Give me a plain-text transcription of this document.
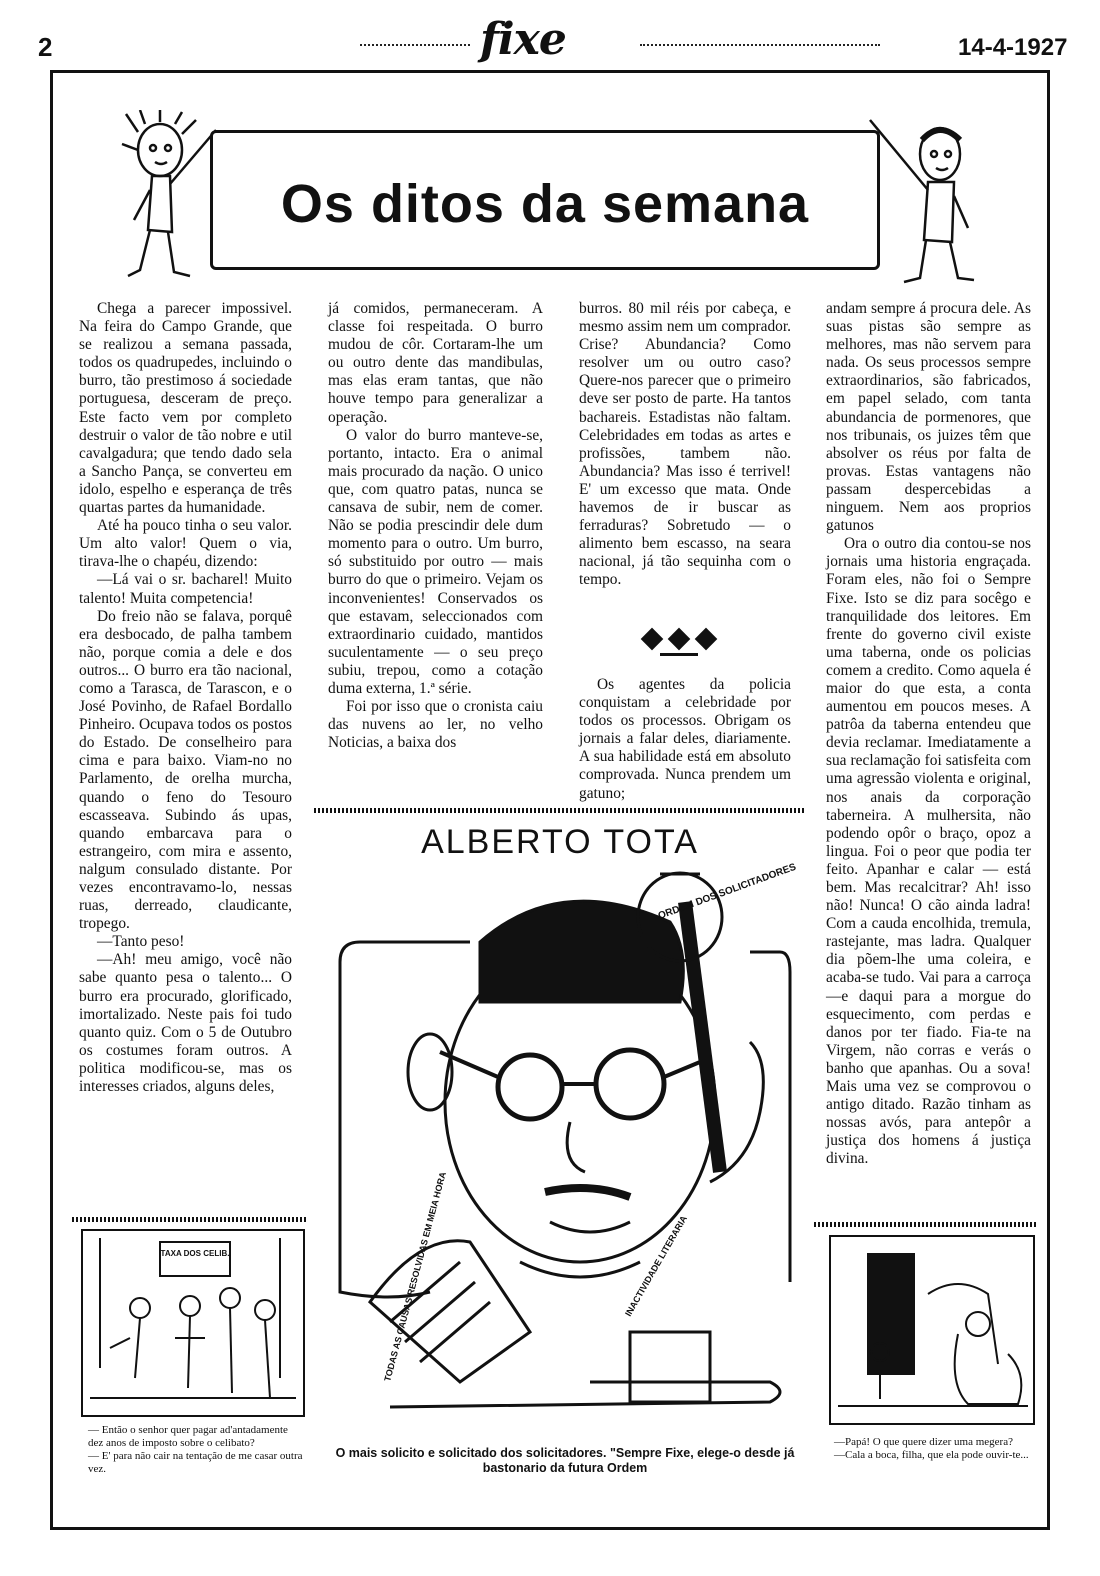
2	fixe	14-4-1927
Os ditos da semana

Chega a parecer impossivel. Na feira do Campo Grande, que se realizou a semana passada, todos os quadrupedes, incluindo o burro, tão prestimoso á sociedade portuguesa, desceram de preço. Este facto vem por completo destruir o valor de tão nobre e util cavalgadura; que tendo dado sela a Sancho Pança, se converteu em idolo, espelho e esperança de três quartas partes da humanidade.

Até ha pouco tinha o seu valor. Um alto valor! Quem o via, tirava-lhe o chapéu, dizendo:

—Lá vai o sr. bacharel! Muito talento! Muita competencia!

Do freio não se falava, porquê era desbocado, de palha tambem não, porque comia a dele e dos outros... O burro era tão nacional, como a Tarasca, de Tarascon, e o José Povinho, de Rafael Bordallo Pinheiro. Ocupava todos os postos do Estado. De conselheiro para cima e para baixo. Viam-no no Parlamento, de orelha murcha, quando o feno do Tesouro escasseava. Subindo ás upas, quando embarcava para o estrangeiro, com mira e assento, nalgum consulado distante. Por vezes encontravamo-lo, nessas ruas, derreado, claudicante, tropego.

—Tanto peso!

—Ah! meu amigo, você não sabe quanto pesa o talento... O burro era procurado, glorificado, imortalizado. Neste pais foi tudo quanto quiz. Com o 5 de Outubro os costumes foram outros. A politica modificou-se, mas os interesses criados, alguns deles,

já comidos, permaneceram. A classe foi respeitada. O burro mudou de côr. Cortaram-lhe um ou outro dente das mandibulas, mas elas eram tantas, que não houve tempo para generalizar a operação.

O valor do burro manteve-se, portanto, intacto. Era o animal mais procurado da nação. O unico que, com quatro patas, nunca se cansava de subir, nem de comer. Não se podia prescindir dele dum momento para o outro. Um burro, só substituido por outro — mais burro do que o primeiro. Vejam os inconvenientes! Conservados os que estavam, seleccionados com extraordinario cuidado, mantidos suculentamente — o seu preço subiu, trepou, como a cotação duma externa, 1.ª série.

Foi por isso que o cronista caiu das nuvens ao ler, no velho Noticias, a baixa dos

burros. 80 mil réis por cabeça, e mesmo assim nem um comprador. Crise? Abundancia? Como resolver um ou outro caso? Quere-nos parecer que o primeiro deve ser posto de parte. Ha tantos bachareis. Estadistas não faltam. Celebridades em todas as artes e profissões, tambem não. Abundancia? Mas isso é terrivel! E' um excesso que mata. Onde havemos de ir buscar as ferraduras? Sobretudo — o alimento bem escasso, na seara nacional, já tão sequinha com o tempo.

Os agentes da policia conquistam a celebridade por todos os processos. Obrigam os jornais a falar deles, diariamente. A sua habilidade está em absoluto comprovada. Nunca prendem um gatuno;

andam sempre á procura dele. As suas pistas são sempre as melhores, mas não servem para nada. Os seus processos sempre extraordinarios, são fabricados, em papel selado, com tanta abundancia de pormenores, que nos tribunais, os juizes têm que absolver os réus por falta de provas. Estas vantagens não passam despercebidas a ninguem. Nem aos proprios gatunos

Ora o outro dia contou-se nos jornais uma historia engraçada. Foram eles, não foi o Sempre Fixe. Isto se diz para socêgo e tranquilidade dos leitores. Em frente do governo civil existe uma taberna, onde os policias comem a credito. Como aquela é maior do que esta, a conta aumentou em poucos meses. A patrôa da taberna entendeu que devia reclamar. Imediatamente a sua reclamação foi satisfeita com uma agressão violenta e original, nos anais da corporação taberneira. A mulhersita, não podendo opôr o braço, opoz a lingua. Foi o peor que podia ter feito. Apanhar e calar — está bem. Mas recalcitrar? Ah! isso não! Nunca! O cão ainda ladra! Com a cauda encolhida, tremula, rastejante, mas ladra. Qualquer dia põem-lhe uma coleira, e acaba-se tudo. Vai para a carroça—e daqui para a morgue do esquecimento, com perdas e danos por ter fiado. Fia-te na Virgem, não corras e verás o banho que apanhas. Ou a sova! Mais uma vez se comprovou o antigo ditado. Razão tinham as nossas avós, para antepôr a justiça dos homens á justiça divina.

ALBERTO TOTA
ORDEM DOS SOLICITADORES
INACTIVIDADE LITERARIA
TODAS AS CAUSAS RESOLVIDAS EM MEIA HORA
O mais solicito e solicitado dos solicitadores. "Sempre Fixe, elege-o desde já bastonario da futura Ordem
TAXA DOS CELIB.

— Então o senhor quer pagar ad'antadamente dez anos de imposto sobre o celibato?

— E' para não cair na tentação de me casar outra vez.

—Papá! O que quere dizer uma megera?

—Cala a boca, filha, que ela pode ouvir-te...
